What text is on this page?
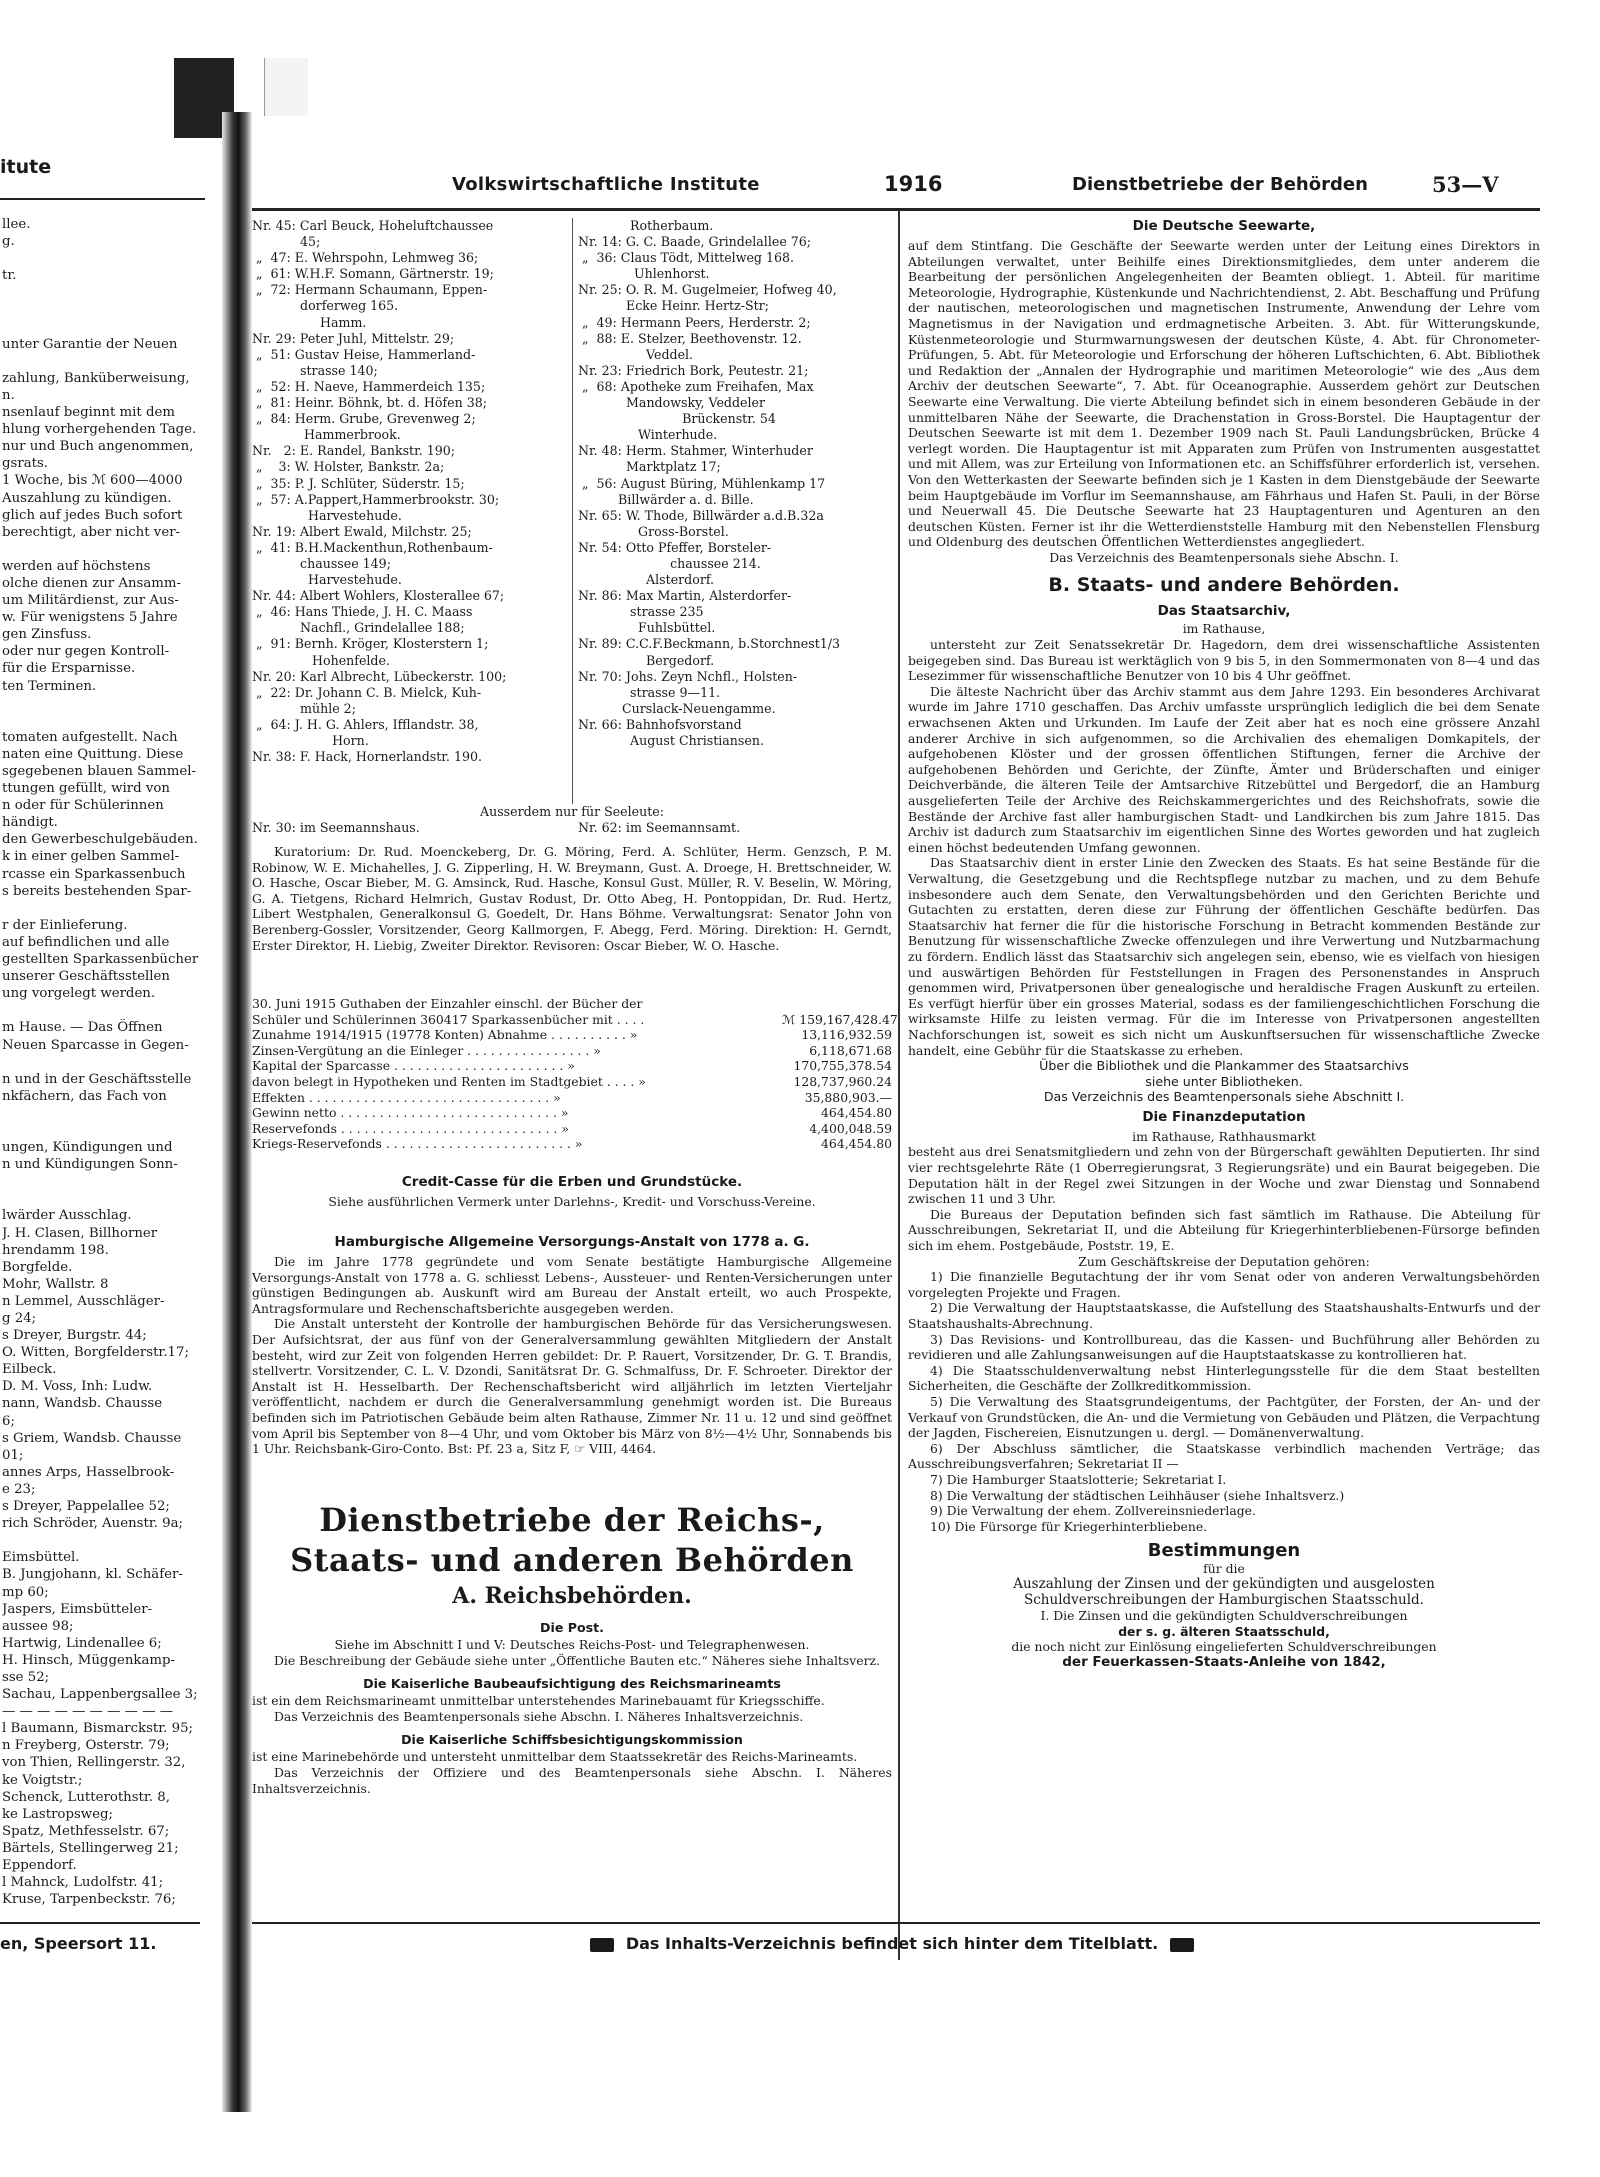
itute
llee.
g.
tr.
unter Garantie der Neuen
zahlung, Banküberweisung,
n.
nsenlauf beginnt mit dem
hlung vorhergehenden Tage.
nur und Buch angenommen,
gsrats.
1 Woche, bis ℳ 600—4000
Auszahlung zu kündigen.
glich auf jedes Buch sofort
berechtigt, aber nicht ver-
werden auf höchstens
olche dienen zur Ansamm-
um Militärdienst, zur Aus-
w. Für wenigstens 5 Jahre
gen Zinsfuss.
oder nur gegen Kontroll-
für die Ersparnisse.
ten Terminen.
tomaten aufgestellt. Nach
naten eine Quittung. Diese
sgegebenen blauen Sammel-
ttungen gefüllt, wird von
n oder für Schülerinnen
händigt.
den Gewerbeschulgebäuden.
k in einer gelben Sammel-
rcasse ein Sparkassenbuch
s bereits bestehenden Spar-
r der Einlieferung.
auf befindlichen und alle
gestellten Sparkassenbücher
unserer Geschäftsstellen
ung vorgelegt werden.
m Hause. — Das Öffnen
Neuen Sparcasse in Gegen-
n und in der Geschäftsstelle
nkfächern, das Fach von
ungen, Kündigungen und
n und Kündigungen Sonn-
lwärder Ausschlag.
J. H. Clasen, Billhorner
hrendamm 198.
Borgfelde.
Mohr, Wallstr. 8
n Lemmel, Ausschläger-
g 24;
s Dreyer, Burgstr. 44;
O. Witten, Borgfelderstr.17;
Eilbeck.
D. M. Voss, Inh: Ludw.
nann, Wandsb. Chausse
6;
s Griem, Wandsb. Chausse
01;
annes Arps, Hasselbrook-
e 23;
s Dreyer, Pappelallee 52;
rich Schröder, Auenstr. 9a;
Eimsbüttel.
B. Jungjohann, kl. Schäfer-
mp 60;
Jaspers, Eimsbütteler-
aussee 98;
Hartwig, Lindenallee 6;
H. Hinsch, Müggenkamp-
sse 52;
Sachau, Lappenbergsallee 3;
— — — — — — — — — —
l Baumann, Bismarckstr. 95;
n Freyberg, Osterstr. 79;
von Thien, Rellingerstr. 32,
ke Voigtstr.;
Schenck, Lutterothstr. 8,
ke Lastropsweg;
Spatz, Methfesselstr. 67;
Bärtels, Stellingerweg 21;
Eppendorf.
l Mahnck, Ludolfstr. 41;
Kruse, Tarpenbeckstr. 76;
en, Speersort 11.
Volkswirtschaftliche Institute	1916	Dienstbetriebe der Behörden	53—V
Nr. 45: Carl Beuck, Hoheluftchaussee
45;
„  47: E. Wehrspohn, Lehmweg 36;
„  61: W.H.F. Somann, Gärtnerstr. 19;
„  72: Hermann Schaumann, Eppen-
dorferweg 165.
Hamm.
Nr. 29: Peter Juhl, Mittelstr. 29;
„  51: Gustav Heise, Hammerland-
strasse 140;
„  52: H. Naeve, Hammerdeich 135;
„  81: Heinr. Böhnk, bt. d. Höfen 38;
„  84: Herm. Grube, Grevenweg 2;
Hammerbrook.
Nr.   2: E. Randel, Bankstr. 190;
„    3: W. Holster, Bankstr. 2a;
„  35: P. J. Schlüter, Süderstr. 15;
„  57: A.Pappert,Hammerbrookstr. 30;
Harvestehude.
Nr. 19: Albert Ewald, Milchstr. 25;
„  41: B.H.Mackenthun,Rothenbaum-
chaussee 149;
Harvestehude.
Nr. 44: Albert Wohlers, Klosterallee 67;
„  46: Hans Thiede, J. H. C. Maass
Nachfl., Grindelallee 188;
„  91: Bernh. Kröger, Klosterstern 1;
Hohenfelde.
Nr. 20: Karl Albrecht, Lübeckerstr. 100;
„  22: Dr. Johann C. B. Mielck, Kuh-
mühle 2;
„  64: J. H. G. Ahlers, Ifflandstr. 38,
Horn.
Nr. 38: F. Hack, Hornerlandstr. 190.
Rotherbaum.
Nr. 14: G. C. Baade, Grindelallee 76;
„  36: Claus Tödt, Mittelweg 168.
Uhlenhorst.
Nr. 25: O. R. M. Gugelmeier, Hofweg 40,
Ecke Heinr. Hertz-Str;
„  49: Hermann Peers, Herderstr. 2;
„  88: E. Stelzer, Beethovenstr. 12.
Veddel.
Nr. 23: Friedrich Bork, Peutestr. 21;
„  68: Apotheke zum Freihafen, Max
Mandowsky, Veddeler
Brückenstr. 54
Winterhude.
Nr. 48: Herm. Stahmer, Winterhuder
Marktplatz 17;
„  56: August Büring, Mühlenkamp 17
Billwärder a. d. Bille.
Nr. 65: W. Thode, Billwärder a.d.B.32a
Gross-Borstel.
Nr. 54: Otto Pfeffer, Borsteler-
chaussee 214.
Alsterdorf.
Nr. 86: Max Martin, Alsterdorfer-
strasse 235
Fuhlsbüttel.
Nr. 89: C.C.F.Beckmann, b.Storchnest1/3
Bergedorf.
Nr. 70: Johs. Zeyn Nchfl., Holsten-
strasse 9—11.
Curslack-Neuengamme.
Nr. 66: Bahnhofsvorstand
August Christiansen.
Ausserdem nur für Seeleute:
Nr. 30: im Seemannshaus.	Nr. 62: im Seemannsamt.

Kuratorium: Dr. Rud. Moenckeberg, Dr. G. Möring, Ferd. A. Schlüter, Herm. Genzsch, P. M. Robinow, W. E. Michahelles, J. G. Zipperling, H. W. Breymann, Gust. A. Droege, H. Brettschneider, W. O. Hasche, Oscar Bieber, M. G. Amsinck, Rud. Hasche, Konsul Gust. Müller, R. V. Beselin, W. Möring, G. A. Tietgens, Richard Helmrich, Gustav Rodust, Dr. Otto Abeg, H. Pontoppidan, Dr. Rud. Hertz, Libert Westphalen, Generalkonsul G. Goedelt, Dr. Hans Böhme. Verwaltungsrat: Senator John von Berenberg-Gossler, Vorsitzender, Georg Kallmorgen, F. Abegg, Ferd. Möring. Direktion: H. Gerndt, Erster Direktor, H. Liebig, Zweiter Direktor. Revisoren: Oscar Bieber, W. O. Hasche.

30. Juni 1915 Guthaben der Einzahler einschl. der Bücher der
Schüler und Schülerinnen 360417 Sparkassenbücher mit . . . .	ℳ 159,167,428.47
Zunahme 1914/1915 (19778 Konten) Abnahme . . . . . . . . . . »	13,116,932.59
Zinsen-Vergütung an die Einleger . . . . . . . . . . . . . . . . »	6,118,671.68
Kapital der Sparcasse . . . . . . . . . . . . . . . . . . . . . . »	170,755,378.54
davon belegt in Hypotheken und Renten im Stadtgebiet . . . . »	128,737,960.24
Effekten . . . . . . . . . . . . . . . . . . . . . . . . . . . . . . . »	35,880,903.—
Gewinn netto . . . . . . . . . . . . . . . . . . . . . . . . . . . . »	464,454.80
Reservefonds . . . . . . . . . . . . . . . . . . . . . . . . . . . . »	4,400,048.59
Kriegs-Reservefonds . . . . . . . . . . . . . . . . . . . . . . . . »	464,454.80
Credit-Casse für die Erben und Grundstücke.
Siehe ausführlichen Vermerk unter Darlehns-, Kredit- und Vorschuss-Vereine.
Hamburgische Allgemeine Versorgungs-Anstalt von 1778 a. G.

Die im Jahre 1778 gegründete und vom Senate bestätigte Hamburgische Allgemeine Versorgungs-Anstalt von 1778 a. G. schliesst Lebens-, Aussteuer- und Renten-Versicherungen unter günstigen Bedingungen ab. Auskunft wird am Bureau der Anstalt erteilt, wo auch Prospekte, Antragsformulare und Rechenschaftsberichte ausgegeben werden.

Die Anstalt untersteht der Kontrolle der hamburgischen Behörde für das Versicherungswesen. Der Aufsichtsrat, der aus fünf von der Generalversammlung gewählten Mitgliedern der Anstalt besteht, wird zur Zeit von folgenden Herren gebildet: Dr. P. Rauert, Vorsitzender, Dr. G. T. Brandis, stellvertr. Vorsitzender, C. L. V. Dzondi, Sanitätsrat Dr. G. Schmalfuss, Dr. F. Schroeter. Direktor der Anstalt ist H. Hesselbarth. Der Rechenschaftsbericht wird alljährlich im letzten Vierteljahr veröffentlicht, nachdem er durch die Generalversammlung genehmigt worden ist. Die Bureaus befinden sich im Patriotischen Gebäude beim alten Rathause, Zimmer Nr. 11 u. 12 und sind geöffnet vom April bis September von 8—4 Uhr, und vom Oktober bis März von 8½—4½ Uhr, Sonnabends bis 1 Uhr. Reichsbank-Giro-Conto. Bst: Pf. 23 a, Sitz F, ☞ VIII, 4464.

Dienstbetriebe der Reichs-,
Staats- und anderen Behörden
A. Reichsbehörden.
Die Post.
Siehe im Abschnitt I und V: Deutsches Reichs-Post- und Telegraphenwesen.

Die Beschreibung der Gebäude siehe unter „Öffentliche Bauten etc.“ Näheres siehe Inhaltsverz.

Die Kaiserliche Baubeaufsichtigung des Reichsmarineamts
ist ein dem Reichsmarineamt unmittelbar unterstehendes Marinebauamt für Kriegsschiffe.

Das Verzeichnis des Beamtenpersonals siehe Abschn. I. Näheres Inhaltsverzeichnis.

Die Kaiserliche Schiffsbesichtigungskommission
ist eine Marinebehörde und untersteht unmittelbar dem Staatssekretär des Reichs-Marineamts.

Das Verzeichnis der Offiziere und des Beamtenpersonals siehe Abschn. I. Näheres Inhaltsverzeichnis.

Die Deutsche Seewarte,
auf dem Stintfang. Die Geschäfte der Seewarte werden unter der Leitung eines Direktors in Abteilungen verwaltet, unter Beihilfe eines Direktionsmitgliedes, dem unter anderem die Bearbeitung der persönlichen Angelegenheiten der Beamten obliegt. 1. Abteil. für maritime Meteorologie, Hydrographie, Küstenkunde und Nachrichtendienst, 2. Abt. Beschaffung und Prüfung der nautischen, meteorologischen und magnetischen Instrumente, Anwendung der Lehre vom Magnetismus in der Navigation und erdmagnetische Arbeiten. 3. Abt. für Witterungskunde, Küstenmeteorologie und Sturmwarnungswesen der deutschen Küste, 4. Abt. für Chronometer-Prüfungen, 5. Abt. für Meteorologie und Erforschung der höheren Luftschichten, 6. Abt. Bibliothek und Redaktion der „Annalen der Hydrographie und maritimen Meteorologie“ wie des „Aus dem Archiv der deutschen Seewarte“, 7. Abt. für Oceanographie. Ausserdem gehört zur Deutschen Seewarte eine Verwaltung. Die vierte Abteilung befindet sich in einem besonderen Gebäude in der unmittelbaren Nähe der Seewarte, die Drachenstation in Gross-Borstel. Die Hauptagentur der Deutschen Seewarte ist mit dem 1. Dezember 1909 nach St. Pauli Landungsbrücken, Brücke 4 verlegt worden. Die Hauptagentur ist mit Apparaten zum Prüfen von Instrumenten ausgestattet und mit Allem, was zur Erteilung von Informationen etc. an Schiffsführer erforderlich ist, versehen. Von den Wetterkasten der Seewarte befinden sich je 1 Kasten in dem Dienstgebäude der Seewarte beim Hauptgebäude im Vorflur im Seemannshause, am Fährhaus und Hafen St. Pauli, in der Börse und Neuerwall 45. Die Deutsche Seewarte hat 23 Hauptagenturen und Agenturen an den deutschen Küsten. Ferner ist ihr die Wetterdienststelle Hamburg mit den Nebenstellen Flensburg und Oldenburg des deutschen Öffentlichen Wetterdienstes angegliedert.
Das Verzeichnis des Beamtenpersonals siehe Abschn. I.
B. Staats- und andere Behörden.
Das Staatsarchiv,
im Rathause,

untersteht zur Zeit Senatssekretär Dr. Hagedorn, dem drei wissenschaftliche Assistenten beigegeben sind. Das Bureau ist werktäglich von 9 bis 5, in den Sommermonaten von 8—4 und das Lesezimmer für wissenschaftliche Benutzer von 10 bis 4 Uhr geöffnet.

Die älteste Nachricht über das Archiv stammt aus dem Jahre 1293. Ein besonderes Archivarat wurde im Jahre 1710 geschaffen. Das Archiv umfasste ursprünglich lediglich die bei dem Senate erwachsenen Akten und Urkunden. Im Laufe der Zeit aber hat es noch eine grössere Anzahl anderer Archive in sich aufgenommen, so die Archivalien des ehemaligen Domkapitels, der aufgehobenen Klöster und der grossen öffentlichen Stiftungen, ferner die Archive der aufgehobenen Behörden und Gerichte, der Zünfte, Ämter und Brüderschaften und einiger Deichverbände, die älteren Teile der Amtsarchive Ritzebüttel und Bergedorf, die an Hamburg ausgelieferten Teile der Archive des Reichskammergerichtes und des Reichshofrats, sowie die Bestände der Archive fast aller hamburgischen Stadt- und Landkirchen bis zum Jahre 1815. Das Archiv ist dadurch zum Staatsarchiv im eigentlichen Sinne des Wortes geworden und hat zugleich einen höchst bedeutenden Umfang gewonnen.

Das Staatsarchiv dient in erster Linie den Zwecken des Staats. Es hat seine Bestände für die Verwaltung, die Gesetzgebung und die Rechtspflege nutzbar zu machen, und zu dem Behufe insbesondere auch dem Senate, den Verwaltungsbehörden und den Gerichten Berichte und Gutachten zu erstatten, deren diese zur Führung der öffentlichen Geschäfte bedürfen. Das Staatsarchiv hat ferner die für die historische Forschung in Betracht kommenden Bestände zur Benutzung für wissenschaftliche Zwecke offenzulegen und ihre Verwertung und Nutzbarmachung zu fördern. Endlich lässt das Staatsarchiv sich angelegen sein, ebenso, wie es vielfach von hiesigen und auswärtigen Behörden für Feststellungen in Fragen des Personenstandes in Anspruch genommen wird, Privatpersonen über genealogische und heraldische Fragen Auskunft zu erteilen. Es verfügt hierfür über ein grosses Material, sodass es der familiengeschichtlichen Forschung die wirksamste Hilfe zu leisten vermag. Für die im Interesse von Privatpersonen angestellten Nachforschungen ist, soweit es sich nicht um Auskunftsersuchen für wissenschaftliche Zwecke handelt, eine Gebühr für die Staatskasse zu erheben.

Über die Bibliothek und die Plankammer des Staatsarchivs
siehe unter Bibliotheken.
Das Verzeichnis des Beamtenpersonals siehe Abschnitt I.
Die Finanzdeputation
im Rathause, Rathhausmarkt

besteht aus drei Senatsmitgliedern und zehn von der Bürgerschaft gewählten Deputierten. Ihr sind vier rechtsgelehrte Räte (1 Oberregierungsrat, 3 Regierungsräte) und ein Baurat beigegeben. Die Deputation hält in der Regel zwei Sitzungen in der Woche und zwar Dienstag und Sonnabend zwischen 11 und 3 Uhr.

Die Bureaus der Deputation befinden sich fast sämtlich im Rathause. Die Abteilung für Ausschreibungen, Sekretariat II, und die Abteilung für Kriegerhinterbliebenen-Fürsorge befinden sich im ehem. Postgebäude, Poststr. 19, E.

Zum Geschäftskreise der Deputation gehören:

1) Die finanzielle Begutachtung der ihr vom Senat oder von anderen Verwaltungsbehörden vorgelegten Projekte und Fragen.

2) Die Verwaltung der Hauptstaatskasse, die Aufstellung des Staatshaushalts-Entwurfs und der Staatshaushalts-Abrechnung.

3) Das Revisions- und Kontrollbureau, das die Kassen- und Buchführung aller Behörden zu revidieren und alle Zahlungsanweisungen auf die Hauptstaatskasse zu kontrollieren hat.

4) Die Staatsschuldenverwaltung nebst Hinterlegungsstelle für die dem Staat bestellten Sicherheiten, die Geschäfte der Zollkreditkommission.

5) Die Verwaltung des Staatsgrundeigentums, der Pachtgüter, der Forsten, der An- und der Verkauf von Grundstücken, die An- und die Vermietung von Gebäuden und Plätzen, die Verpachtung der Jagden, Fischereien, Eisnutzungen u. dergl. — Domänenverwaltung.

6) Der Abschluss sämtlicher, die Staatskasse verbindlich machenden Verträge; das Ausschreibungsverfahren; Sekretariat II —

7) Die Hamburger Staatslotterie; Sekretariat I.

8) Die Verwaltung der städtischen Leihhäuser (siehe Inhaltsverz.)

9) Die Verwaltung der ehem. Zollvereinsniederlage.

10) Die Fürsorge für Kriegerhinterbliebene.

Bestimmungen
für die
Auszahlung der Zinsen und der gekündigten und ausgelosten
Schuldverschreibungen der Hamburgischen Staatsschuld.
I. Die Zinsen und die gekündigten Schuldverschreibungen
der s. g. älteren Staatsschuld,
die noch nicht zur Einlösung eingelieferten Schuldverschreibungen
der Feuerkassen-Staats-Anleihe von 1842,
Das Inhalts-Verzeichnis befindet sich hinter dem Titelblatt.
